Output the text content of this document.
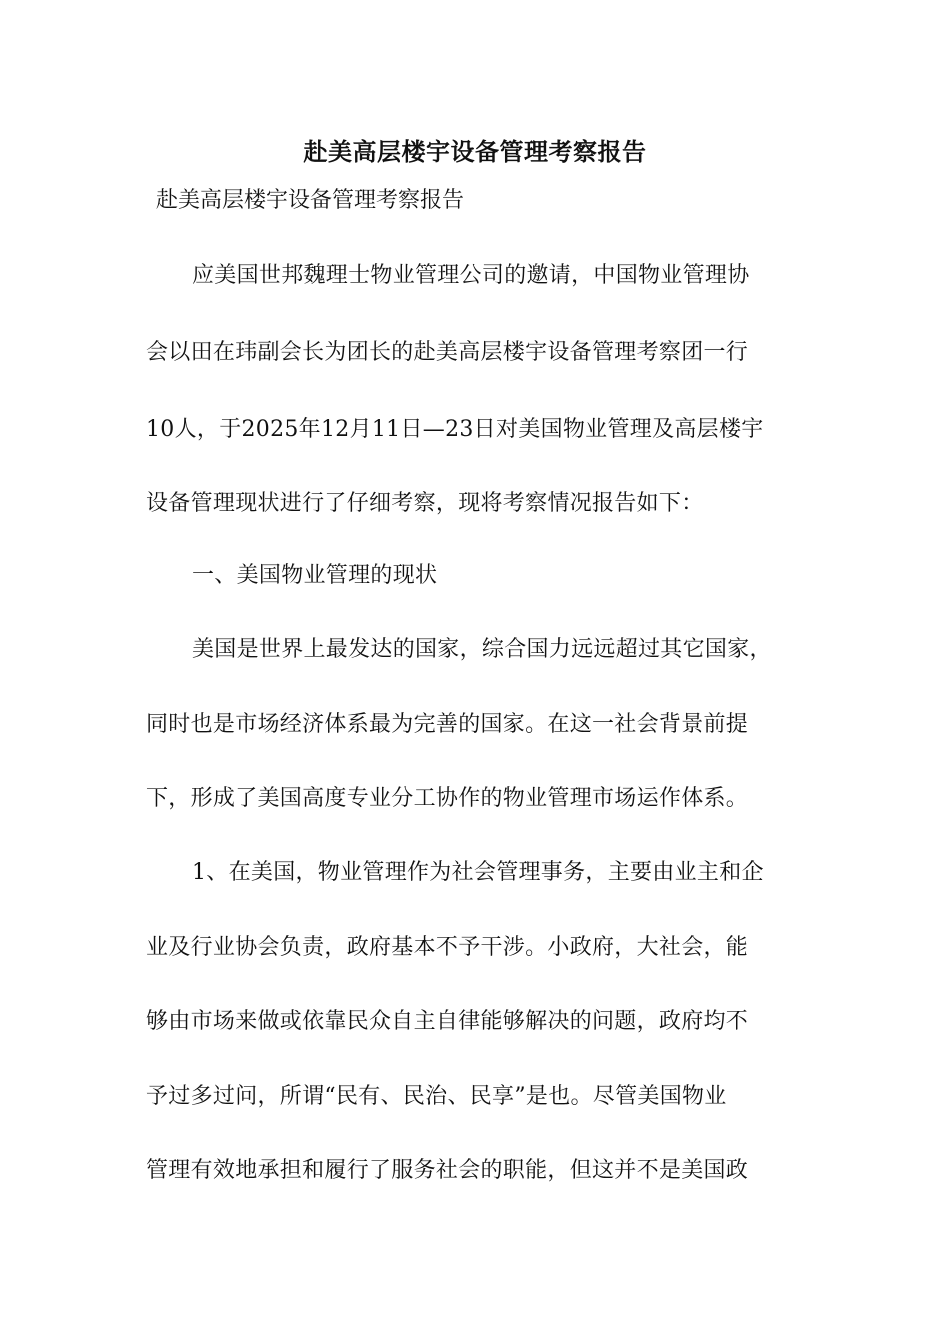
赴美高层楼宇设备管理考察报告
赴美高层楼宇设备管理考察报告
应美国世邦魏理士物业管理公司的邀请，中国物业管理协
会以田在玮副会长为团长的赴美高层楼宇设备管理考察团一行
10人，于2025年12月11日—23日对美国物业管理及高层楼宇
设备管理现状进行了仔细考察，现将考察情况报告如下：
一、美国物业管理的现状
美国是世界上最发达的国家，综合国力远远超过其它国家，
同时也是市场经济体系最为完善的国家。在这一社会背景前提
下，形成了美国高度专业分工协作的物业管理市场运作体系。
1、在美国，物业管理作为社会管理事务，主要由业主和企
业及行业协会负责，政府基本不予干涉。小政府，大社会，能
够由市场来做或依靠民众自主自律能够解决的问题，政府均不
予过多过问，所谓“民有、民治、民享”是也。尽管美国物业
管理有效地承担和履行了服务社会的职能，但这并不是美国政
